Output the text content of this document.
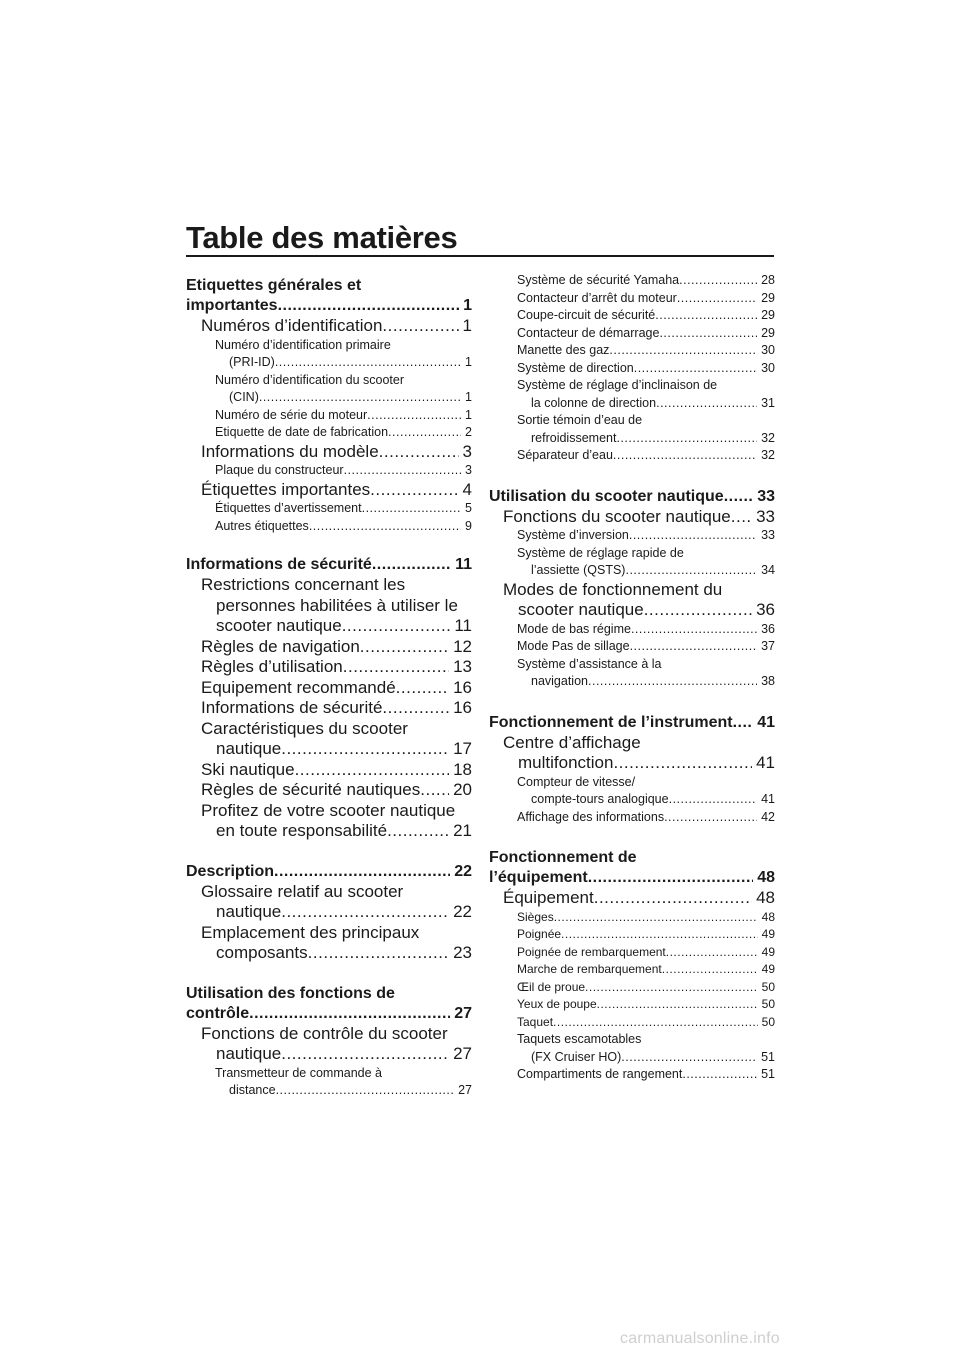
Table des matières
Etiquettes générales et
importantes .....	1
Numéros d’identification .....	1
Numéro d’identification primaire
(PRI-ID) .....	1
Numéro d’identification du scooter
(CIN) .....	1
Numéro de série du moteur .....	1
Etiquette de date de fabrication .....	2
Informations du modèle .....	3
Plaque du constructeur .....	3
Étiquettes importantes .....	4
Étiquettes d’avertissement .....	5
Autres étiquettes .....	9
Informations de sécurité .....	11
Restrictions concernant les
personnes habilitées à utiliser le
scooter nautique .....	11
Règles de navigation .....	12
Règles d’utilisation .....	13
Equipement recommandé .....	16
Informations de sécurité .....	16
Caractéristiques du scooter
nautique .....	17
Ski nautique .....	18
Règles de sécurité nautiques ..... 20
Profitez de votre scooter nautique
en toute responsabilité .....	21
Description .....	22
Glossaire relatif au scooter
nautique .....	22
Emplacement des principaux
composants .....	23
Utilisation des fonctions de
contrôle .....	27
Fonctions de contrôle du scooter
nautique .....	27
Transmetteur de commande à
distance .....	27
Système de sécurité Yamaha .....	28
Contacteur d’arrêt du moteur .....	29
Coupe-circuit de sécurité .....	29
Contacteur de démarrage .....	29
Manette des gaz .....	30
Système de direction .....	30
Système de réglage d’inclinaison de
la colonne de direction .....	31
Sortie témoin d’eau de
refroidissement .....	32
Séparateur d’eau .....	32
Utilisation du scooter nautique ..... 33
Fonctions du scooter nautique ..... 33
Système d’inversion .....	33
Système de réglage rapide de
l’assiette (QSTS) .....	34
Modes de fonctionnement du
scooter nautique .....	36
Mode de bas régime .....	36
Mode Pas de sillage .....	37
Système d’assistance à la
navigation .....	38
Fonctionnement de l’instrument ..... 41
Centre d’affichage
multifonction .....	41
Compteur de vitesse/
compte-tours analogique .....	41
Affichage des informations .....	42
Fonctionnement de
l’équipement .....	48
Équipement .....	48
Sièges .....	48
Poignée .....	49
Poignée de rembarquement .....	49
Marche de rembarquement .....	49
Œil de proue .....	50
Yeux de poupe .....	50
Taquet .....	50
Taquets escamotables
(FX Cruiser HO) .....	51
Compartiments de rangement .....	51
carmanualsonline.info
